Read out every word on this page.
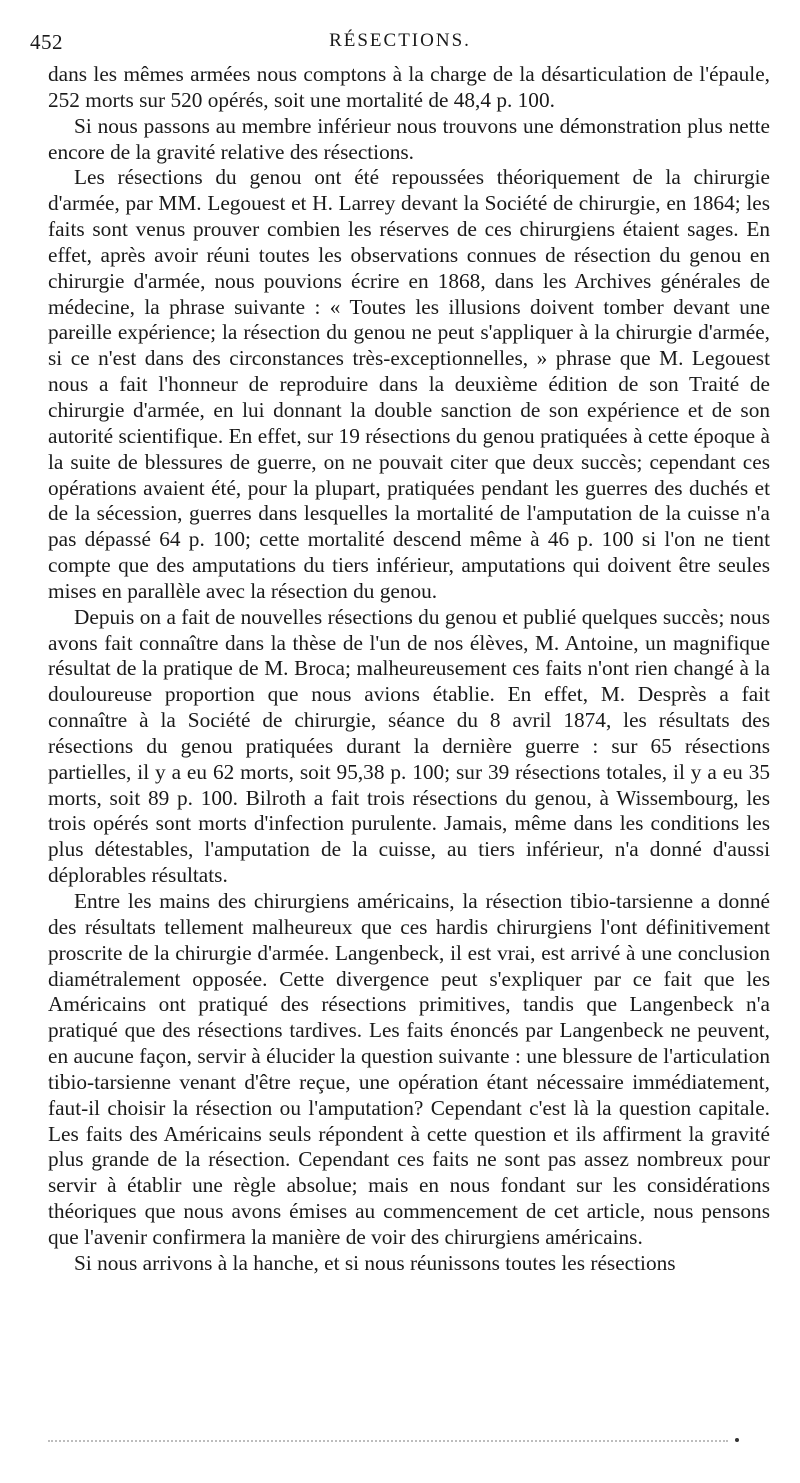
452	RÉSECTIONS.

dans les mêmes armées nous comptons à la charge de la désarticulation de l'épaule, 252 morts sur 520 opérés, soit une mortalité de 48,4 p. 100.

Si nous passons au membre inférieur nous trouvons une démonstration plus nette encore de la gravité relative des résections.

Les résections du genou ont été repoussées théoriquement de la chirurgie d'armée, par MM. Legouest et H. Larrey devant la Société de chirurgie, en 1864; les faits sont venus prouver combien les réserves de ces chirurgiens étaient sages. En effet, après avoir réuni toutes les observations connues de résection du genou en chirurgie d'armée, nous pouvions écrire en 1868, dans les Archives générales de médecine, la phrase suivante : « Toutes les illusions doivent tomber devant une pareille expérience; la résection du genou ne peut s'appliquer à la chirurgie d'armée, si ce n'est dans des circonstances très-exceptionnelles, » phrase que M. Legouest nous a fait l'honneur de reproduire dans la deuxième édition de son Traité de chirurgie d'armée, en lui donnant la double sanction de son expérience et de son autorité scientifique. En effet, sur 19 résections du genou pratiquées à cette époque à la suite de blessures de guerre, on ne pouvait citer que deux succès; cependant ces opérations avaient été, pour la plupart, pratiquées pendant les guerres des duchés et de la sécession, guerres dans lesquelles la mortalité de l'amputation de la cuisse n'a pas dépassé 64 p. 100; cette mortalité descend même à 46 p. 100 si l'on ne tient compte que des amputations du tiers inférieur, amputations qui doivent être seules mises en parallèle avec la résection du genou.

Depuis on a fait de nouvelles résections du genou et publié quelques succès; nous avons fait connaître dans la thèse de l'un de nos élèves, M. Antoine, un magnifique résultat de la pratique de M. Broca; malheureusement ces faits n'ont rien changé à la douloureuse proportion que nous avions établie. En effet, M. Desprès a fait connaître à la Société de chirurgie, séance du 8 avril 1874, les résultats des résections du genou pratiquées durant la dernière guerre : sur 65 résections partielles, il y a eu 62 morts, soit 95,38 p. 100; sur 39 résections totales, il y a eu 35 morts, soit 89 p. 100. Bilroth a fait trois résections du genou, à Wissembourg, les trois opérés sont morts d'infection purulente. Jamais, même dans les conditions les plus détestables, l'amputation de la cuisse, au tiers inférieur, n'a donné d'aussi déplorables résultats.

Entre les mains des chirurgiens américains, la résection tibio-tarsienne a donné des résultats tellement malheureux que ces hardis chirurgiens l'ont définitivement proscrite de la chirurgie d'armée. Langenbeck, il est vrai, est arrivé à une conclusion diamétralement opposée. Cette divergence peut s'expliquer par ce fait que les Américains ont pratiqué des résections primitives, tandis que Langenbeck n'a pratiqué que des résections tardives. Les faits énoncés par Langenbeck ne peuvent, en aucune façon, servir à élucider la question suivante : une blessure de l'articulation tibio-tarsienne venant d'être reçue, une opération étant nécessaire immédiatement, faut-il choisir la résection ou l'amputation? Cependant c'est là la question capitale. Les faits des Américains seuls répondent à cette question et ils affirment la gravité plus grande de la résection. Cependant ces faits ne sont pas assez nombreux pour servir à établir une règle absolue; mais en nous fondant sur les considérations théoriques que nous avons émises au commencement de cet article, nous pensons que l'avenir confirmera la manière de voir des chirurgiens américains.

Si nous arrivons à la hanche, et si nous réunissons toutes les résections
